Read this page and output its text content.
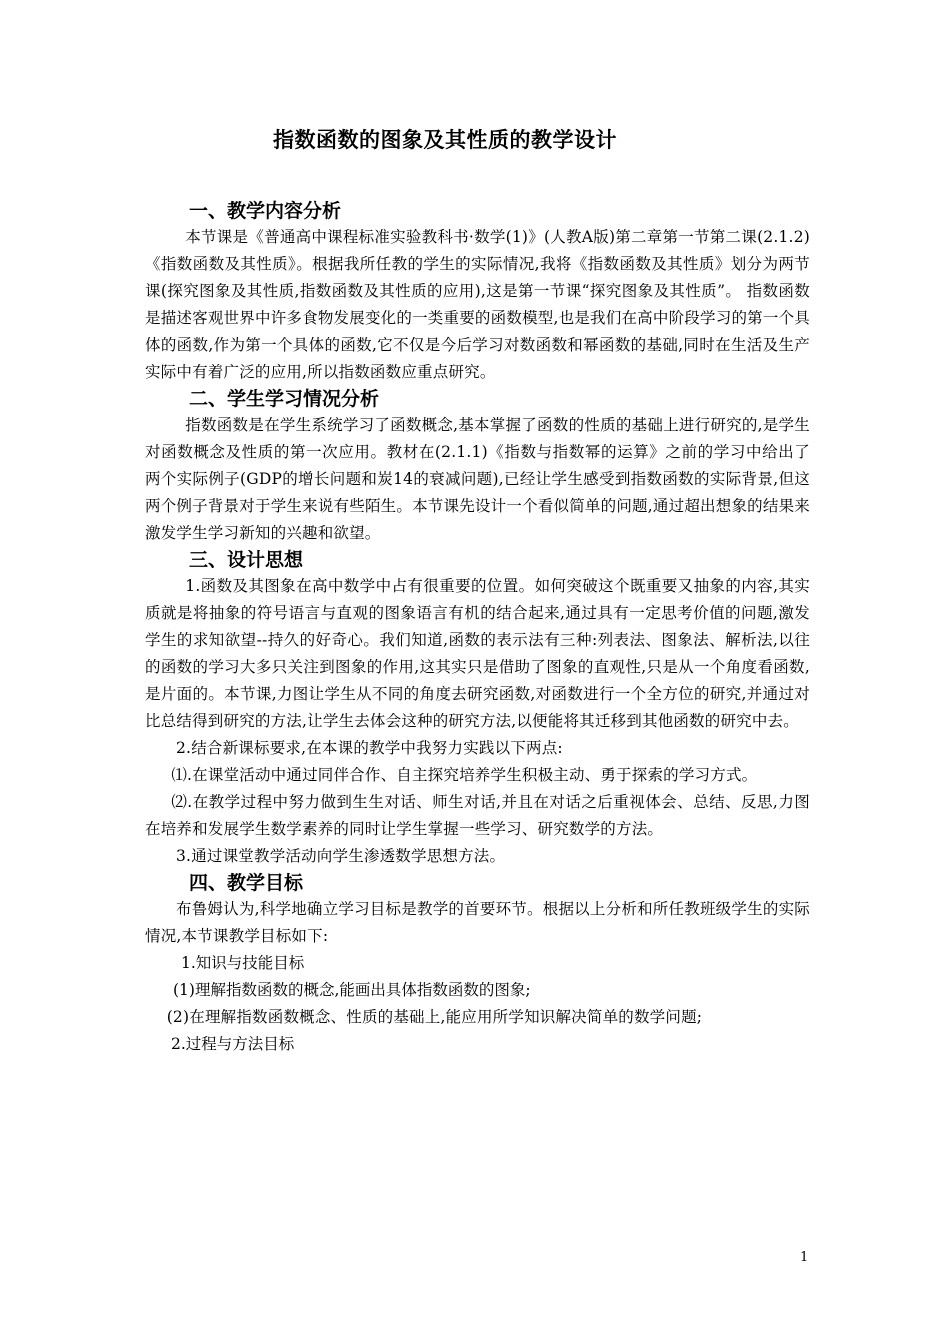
指数函数的图象及其性质的教学设计
一、教学内容分析

本节课是《普通高中课程标准实验教科书·数学(1)》(人教A版)第二章第一节第二课(2.1.2)《指数函数及其性质》。根据我所任教的学生的实际情况,我将《指数函数及其性质》划分为两节课(探究图象及其性质,指数函数及其性质的应用),这是第一节课“探究图象及其性质”。 指数函数是描述客观世界中许多食物发展变化的一类重要的函数模型,也是我们在高中阶段学习的第一个具体的函数,作为第一个具体的函数,它不仅是今后学习对数函数和幂函数的基础,同时在生活及生产实际中有着广泛的应用,所以指数函数应重点研究。

二、学生学习情况分析

指数函数是在学生系统学习了函数概念,基本掌握了函数的性质的基础上进行研究的,是学生对函数概念及性质的第一次应用。教材在(2.1.1)《指数与指数幂的运算》之前的学习中给出了两个实际例子(GDP的增长问题和炭14的衰减问题),已经让学生感受到指数函数的实际背景,但这两个例子背景对于学生来说有些陌生。本节课先设计一个看似简单的问题,通过超出想象的结果来激发学生学习新知的兴趣和欲望。

三、设计思想

1.函数及其图象在高中数学中占有很重要的位置。如何突破这个既重要又抽象的内容,其实质就是将抽象的符号语言与直观的图象语言有机的结合起来,通过具有一定思考价值的问题,激发学生的求知欲望--持久的好奇心。我们知道,函数的表示法有三种:列表法、图象法、解析法,以往的函数的学习大多只关注到图象的作用,这其实只是借助了图象的直观性,只是从一个角度看函数,是片面的。本节课,力图让学生从不同的角度去研究函数,对函数进行一个全方位的研究,并通过对比总结得到研究的方法,让学生去体会这种的研究方法,以便能将其迁移到其他函数的研究中去。

2.结合新课标要求,在本课的教学中我努力实践以下两点:

⑴.在课堂活动中通过同伴合作、自主探究培养学生积极主动、勇于探索的学习方式。

⑵.在教学过程中努力做到生生对话、师生对话,并且在对话之后重视体会、总结、反思,力图在培养和发展学生数学素养的同时让学生掌握一些学习、研究数学的方法。

3.通过课堂教学活动向学生渗透数学思想方法。

四、教学目标

布鲁姆认为,科学地确立学习目标是教学的首要环节。根据以上分析和所任教班级学生的实际情况,本节课教学目标如下:

1.知识与技能目标

(1)理解指数函数的概念,能画出具体指数函数的图象;

(2)在理解指数函数概念、性质的基础上,能应用所学知识解决简单的数学问题;

2.过程与方法目标

1
